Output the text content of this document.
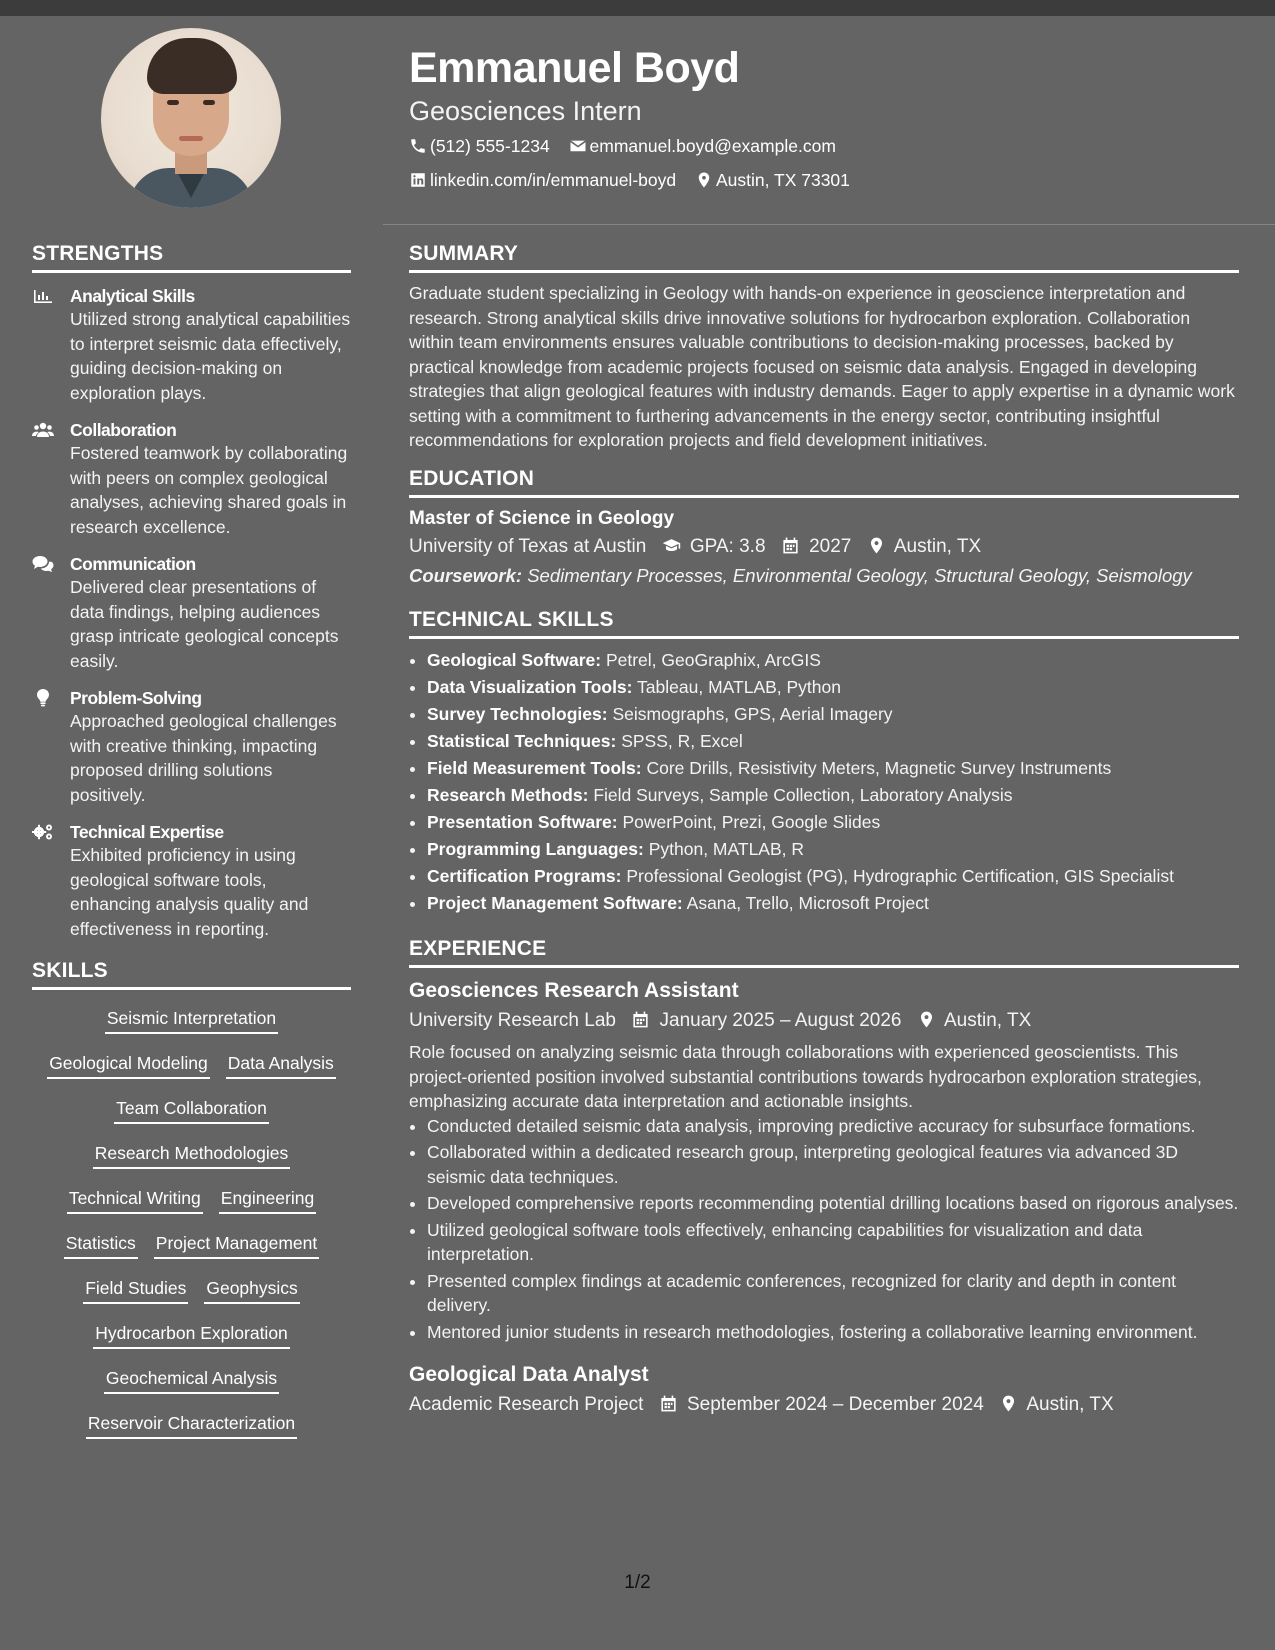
Emmanuel Boyd
Geosciences Intern
(512) 555-1234 emmanuel.boyd@example.com
linkedin.com/in/emmanuel-boyd Austin, TX 73301
STRENGTHS
Analytical Skills
Utilized strong analytical capabilities to interpret seismic data effectively, guiding decision-making on exploration plays.
Collaboration
Fostered teamwork by collaborating with peers on complex geological analyses, achieving shared goals in research excellence.
Communication
Delivered clear presentations of data findings, helping audiences grasp intricate geological concepts easily.
Problem-Solving
Approached geological challenges with creative thinking, impacting proposed drilling solutions positively.
Technical Expertise
Exhibited proficiency in using geological software tools, enhancing analysis quality and effectiveness in reporting.
SKILLS
Seismic Interpretation
Geological Modeling Data Analysis
Team Collaboration
Research Methodologies
Technical Writing Engineering
Statistics Project Management
Field Studies Geophysics
Hydrocarbon Exploration
Geochemical Analysis
Reservoir Characterization
SUMMARY

Graduate student specializing in Geology with hands-on experience in geoscience interpretation and research. Strong analytical skills drive innovative solutions for hydrocarbon exploration. Collaboration within team environments ensures valuable contributions to decision-making processes, backed by practical knowledge from academic projects focused on seismic data analysis. Engaged in developing strategies that align geological features with industry demands. Eager to apply expertise in a dynamic work setting with a commitment to furthering advancements in the energy sector, contributing insightful recommendations for exploration projects and field development initiatives.

EDUCATION
Master of Science in Geology
University of Texas at Austin GPA: 3.8 2027 Austin, TX
Coursework: Sedimentary Processes, Environmental Geology, Structural Geology, Seismology
TECHNICAL SKILLS
• Geological Software: Petrel, GeoGraphix, ArcGIS
• Data Visualization Tools: Tableau, MATLAB, Python
• Survey Technologies: Seismographs, GPS, Aerial Imagery
• Statistical Techniques: SPSS, R, Excel
• Field Measurement Tools: Core Drills, Resistivity Meters, Magnetic Survey Instruments
• Research Methods: Field Surveys, Sample Collection, Laboratory Analysis
• Presentation Software: PowerPoint, Prezi, Google Slides
• Programming Languages: Python, MATLAB, R
• Certification Programs: Professional Geologist (PG), Hydrographic Certification, GIS Specialist
• Project Management Software: Asana, Trello, Microsoft Project
EXPERIENCE
Geosciences Research Assistant
University Research Lab January 2025 – August 2026 Austin, TX

Role focused on analyzing seismic data through collaborations with experienced geoscientists. This project-oriented position involved substantial contributions towards hydrocarbon exploration strategies, emphasizing accurate data interpretation and actionable insights.

• Conducted detailed seismic data analysis, improving predictive accuracy for subsurface formations.
• Collaborated within a dedicated research group, interpreting geological features via advanced 3D seismic data techniques.
• Developed comprehensive reports recommending potential drilling locations based on rigorous analyses.
• Utilized geological software tools effectively, enhancing capabilities for visualization and data interpretation.
• Presented complex findings at academic conferences, recognized for clarity and depth in content delivery.
• Mentored junior students in research methodologies, fostering a collaborative learning environment.
Geological Data Analyst
Academic Research Project September 2024 – December 2024 Austin, TX
1/2
